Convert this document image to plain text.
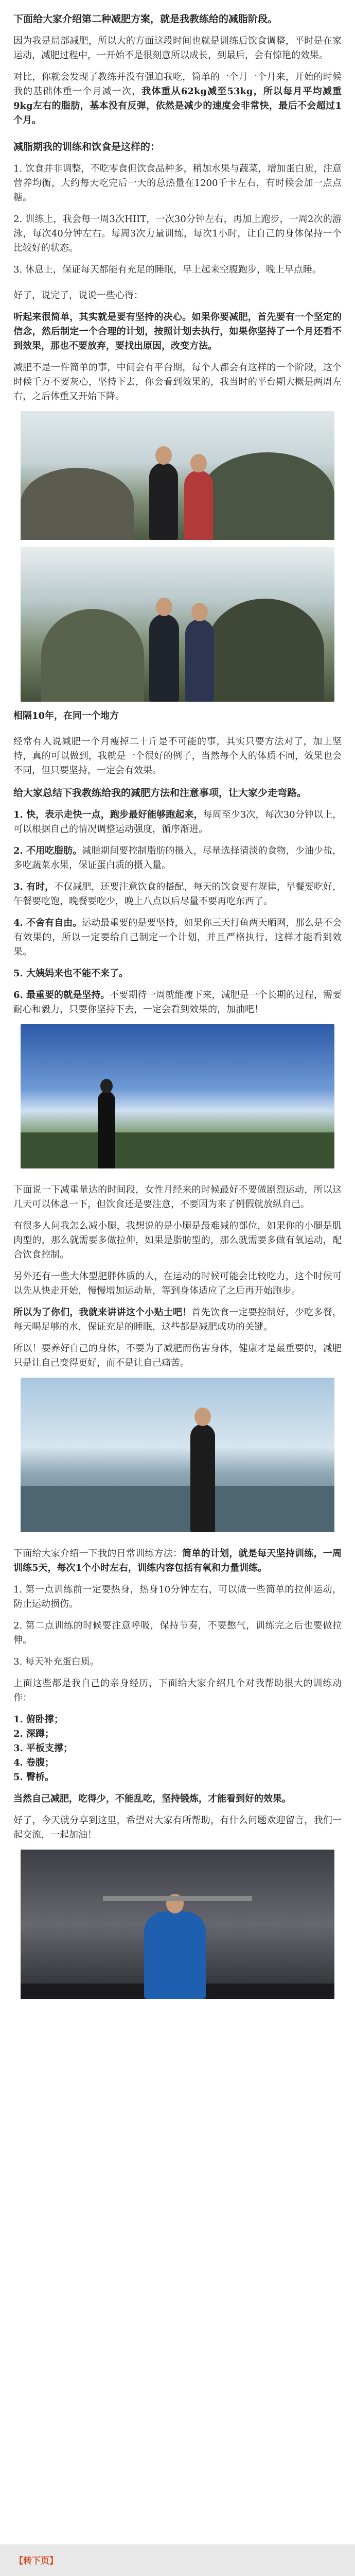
下面给大家介绍第二种减肥方案，就是我教练给的减脂阶段。

因为我是局部减肥，所以大的方面这段时间也就是训练后饮食调整，平时是在家运动，减肥过程中，一开始不是很刻意所以成长，到最后，会有惊艳的效果。

对比，你就会发现了教练并没有强迫我吃，简单的一个月一个月来，开始的时候我的基础体重一个月减一次，我体重从62kg减至53kg，所以每月平均减重9kg左右的脂肪，基本没有反弹，依然是减少的速度会非常快，最后不会超过1个月。

减脂期我的训练和饮食是这样的：

1. 饮食并非调整，不吃零食但饮食品种多，稍加水果与蔬菜，增加蛋白质，注意营养均衡，大约每天吃完后一天的总热量在1200千卡左右，有时候会加一点点糖。

2. 训练上，我会每一周3次HIIT，一次30分钟左右，再加上跑步，一周2次的游泳，每次40分钟左右。每周3次力量训练，每次1小时，让自己的身体保持一个比较好的状态。

3. 休息上，保证每天都能有充足的睡眠，早上起来空腹跑步，晚上早点睡。

好了，说完了，说说一些心得：

听起来很简单，其实就是要有坚持的决心。如果你要减肥，首先要有一个坚定的信念，然后制定一个合理的计划，按照计划去执行，如果你坚持了一个月还看不到效果，那也不要放弃，要找出原因，改变方法。

减肥不是一件简单的事，中间会有平台期，每个人都会有这样的一个阶段，这个时候千万不要灰心，坚持下去，你会看到效果的，我当时的平台期大概是两周左右，之后体重又开始下降。

相隔10年，在同一个地方

经常有人说减肥一个月瘦掉二十斤是不可能的事，其实只要方法对了，加上坚持，真的可以做到，我就是一个很好的例子，当然每个人的体质不同，效果也会不同，但只要坚持，一定会有效果。

给大家总结下我教练给我的减肥方法和注意事项，让大家少走弯路。

1. 快，表示走快一点，跑步最好能够跑起来，每周至少3次，每次30分钟以上，可以根据自己的情况调整运动强度，循序渐进。

2. 不用吃脂肪。减脂期间要控制脂肪的摄入，尽量选择清淡的食物，少油少盐，多吃蔬菜水果，保证蛋白质的摄入量。

3. 有时，不仅减肥，还要注意饮食的搭配，每天的饮食要有规律，早餐要吃好，午餐要吃饱，晚餐要吃少，晚上八点以后尽量不要再吃东西了。

4. 不舍有自由。运动最重要的是要坚持，如果你三天打鱼两天晒网，那么是不会有效果的，所以一定要给自己制定一个计划，并且严格执行，这样才能看到效果。

5. 大姨妈来也不能不来了。

6. 最重要的就是坚持。不要期待一周就能瘦下来，减肥是一个长期的过程，需要耐心和毅力，只要你坚持下去，一定会看到效果的，加油吧！

下面说一下减重量达的时间段，女性月经来的时候最好不要做剧烈运动，所以这几天可以休息一下，但饮食还是要注意，不要因为来了例假就放纵自己。

有很多人问我怎么减小腿，我想说的是小腿是最难减的部位，如果你的小腿是肌肉型的，那么就需要多做拉伸，如果是脂肪型的，那么就需要多做有氧运动，配合饮食控制。

另外还有一些大体型肥胖体质的人，在运动的时候可能会比较吃力，这个时候可以先从快走开始，慢慢增加运动量，等到身体适应了之后再开始跑步。

所以为了你们，我就来讲讲这个小贴士吧！首先饮食一定要控制好，少吃多餐，每天喝足够的水，保证充足的睡眠，这些都是减肥成功的关键。

所以！要养好自己的身体，不要为了减肥而伤害身体，健康才是最重要的，减肥只是让自己变得更好，而不是让自己痛苦。

下面给大家介绍一下我的日常训练方法：简单的计划，就是每天坚持训练，一周训练5天，每次1个小时左右，训练内容包括有氧和力量训练。

1. 第一点训练前一定要热身，热身10分钟左右，可以做一些简单的拉伸运动，防止运动损伤。

2. 第二点训练的时候要注意呼吸，保持节奏，不要憋气，训练完之后也要做拉伸。

3. 每天补充蛋白质。

上面这些都是我自己的亲身经历，下面给大家介绍几个对我帮助很大的训练动作：

1. 俯卧撑；

2. 深蹲；

3. 平板支撑；

4. 卷腹；

5. 臀桥。

当然自己减肥，吃得少，不能乱吃，坚持锻炼，才能看到好的效果。

好了，今天就分享到这里，希望对大家有所帮助，有什么问题欢迎留言，我们一起交流，一起加油！

【转下页】
